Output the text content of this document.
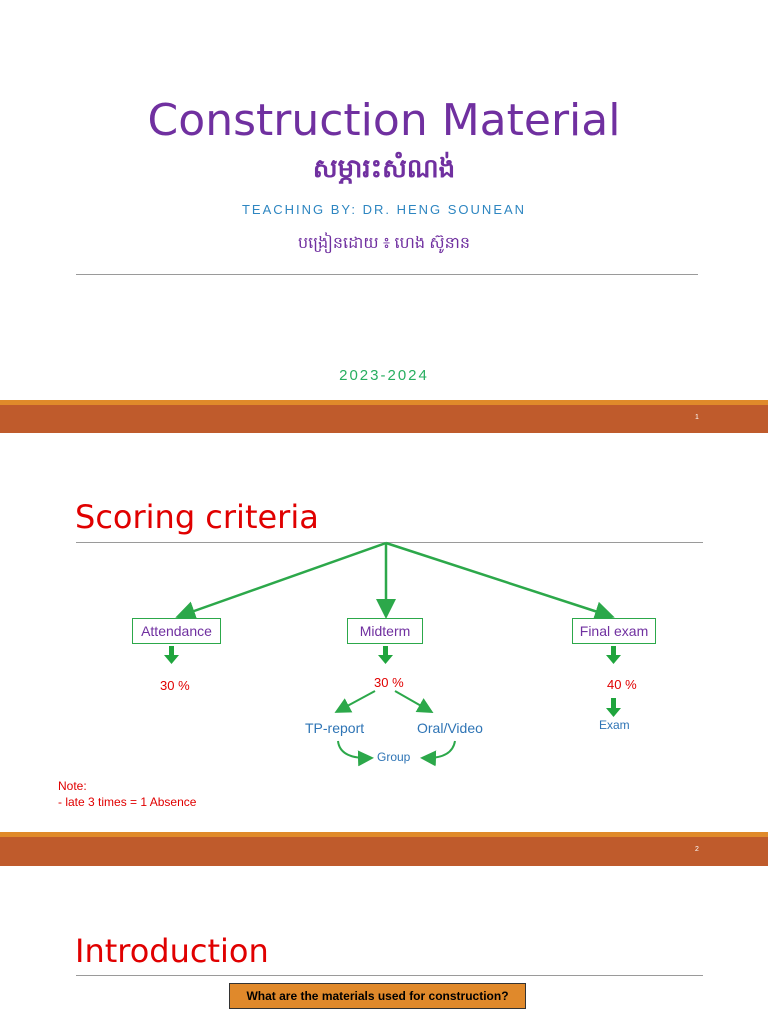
Construction Material
សម្ភារះសំណង់
TEACHING BY: DR. HENG SOUNEAN
បង្រៀនដោយ ៖ ហេង ស៊ូនាន
2023-2024
1
Scoring criteria
Attendance	Midterm	Final exam
30 %	30 %	40 %
TP-report	Oral/Video
Group
Exam
Note:
- late 3 times = 1 Absence
2
Introduction
What are the materials used for construction?
